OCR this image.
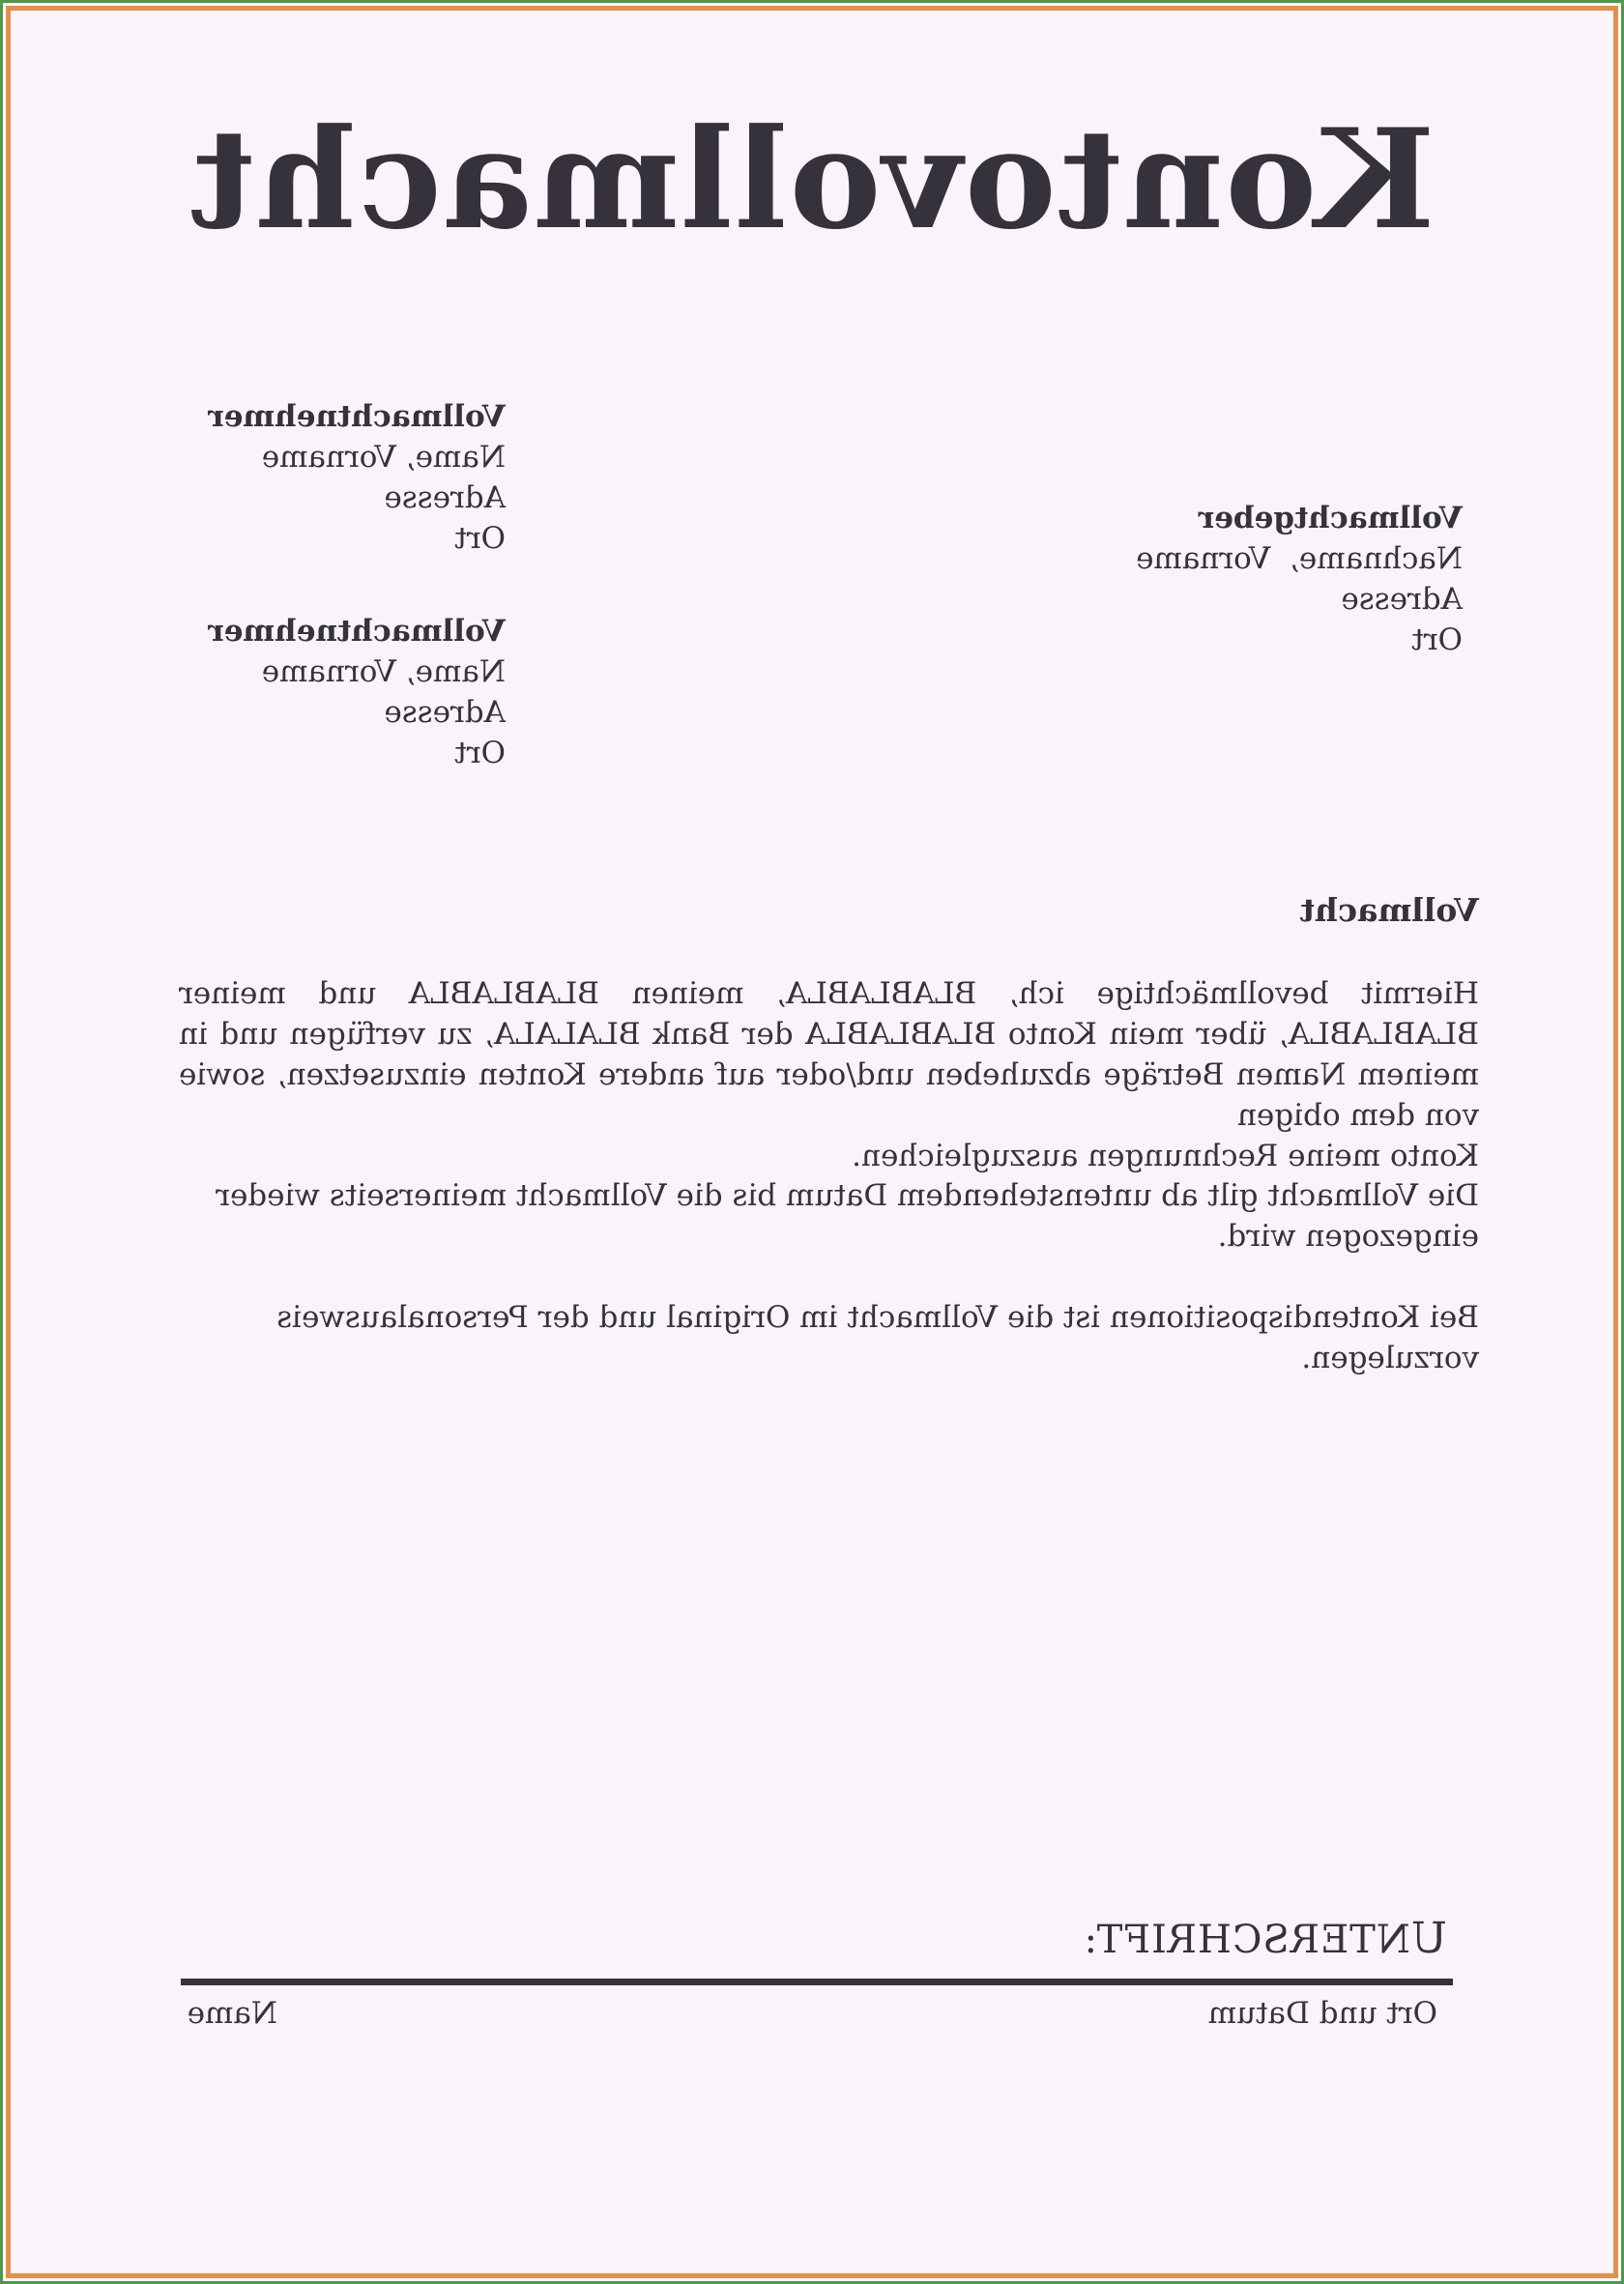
Kontovollmacht
Vollmachtgeber
Nachname,  Vorname
Adresse
Ort
Vollmachtnehmer
Name, Vorname
Adresse
Ort
Vollmachtnehmer
Name, Vorname
Adresse
Ort
Vollmacht
Hiermit bevollmächtige ich, BLABLABLA, meinen BLABLABLA und meiner BLABLABLA, über mein Konto BLABLABLA der Bank BLALALA, zu verfügen und in meinem Namen Beträge abzuheben und/oder auf andere Konten einzusetzen, sowie von dem obigen
Konto meine Rechnungen auszugleichen.
Die Vollmacht gilt ab untenstehendem Datum bis die Vollmacht meinerseits wieder
eingezogen wird.
Bei Kontendispositionen ist die Vollmacht im Original und der Personalausweis
vorzulegen.
UNTERSCHRIFT:
Ort und Datum
Name
